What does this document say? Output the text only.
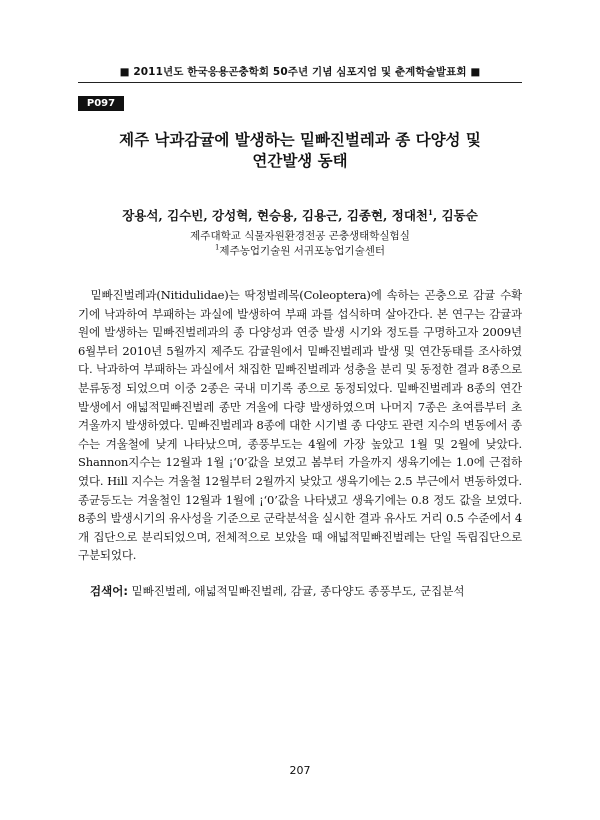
■ 2011년도 한국응용곤충학회 50주년 기념 심포지엄 및 춘계학술발표회 ■
P097
제주 낙과감귤에 발생하는 밑빠진벌레과 종 다양성 및
연간발생 동태
장용석, 김수빈, 강성혁, 현승용, 김용근, 김종현, 정대천$^1$, 김동순
제주대학교 식물자원환경전공 곤충생태학실험실
$^1$제주농업기술원 서귀포농업기술센터

밑빠진벌레과(Nitidulidae)는 딱정벌레목(Coleoptera)에 속하는 곤충으로 감귤 수확기에 낙과하여 부패하는 과실에 발생하여 부패 과를 섭식하며 살아간다. 본 연구는 감귤과원에 발생하는 밑빠진벌레과의 종 다양성과 연중 발생 시기와 정도를 구명하고자 2009년 6월부터 2010년 5월까지 제주도 감귤원에서 밑빠진벌레과 발생 및 연간동태를 조사하였다. 낙과하여 부패하는 과실에서 채집한 밑빠진벌레과 성충을 분리 및 동정한 결과 8종으로 분류동정 되었으며 이중 2종은 국내 미기록 종으로 동정되었다. 밑빠진벌레과 8종의 연간 발생에서 애넓적밑빠진벌레 종만 겨울에 다량 발생하였으며 나머지 7종은 초여름부터 초겨울까지 발생하였다. 밑빠진벌레과 8종에 대한 시기별 종 다양도 관련 지수의 변동에서 종수는 겨울철에 낮게 나타났으며, 종풍부도는 4월에 가장 높았고 1월 및 2월에 낮았다. Shannon지수는 12월과 1월 ¡‘0’값을 보였고 봄부터 가을까지 생육기에는 1.0에 근접하였다. Hill 지수는 겨울철 12월부터 2월까지 낮았고 생육기에는 2.5 부근에서 변동하였다. 종균등도는 겨울철인 12월과 1월에 ¡‘0’값을 나타냈고 생육기에는 0.8 정도 값을 보였다. 8종의 발생시기의 유사성을 기준으로 군락분석을 실시한 결과 유사도 거리 0.5 수준에서 4개 집단으로 분리되었으며, 전체적으로 보았을 때 애넓적밑빠진벌레는 단일 독립집단으로 구분되었다.

검색어: 밑빠진벌레, 애넓적밑빠진벌레, 감귤, 종다양도 종풍부도, 군집분석
207
